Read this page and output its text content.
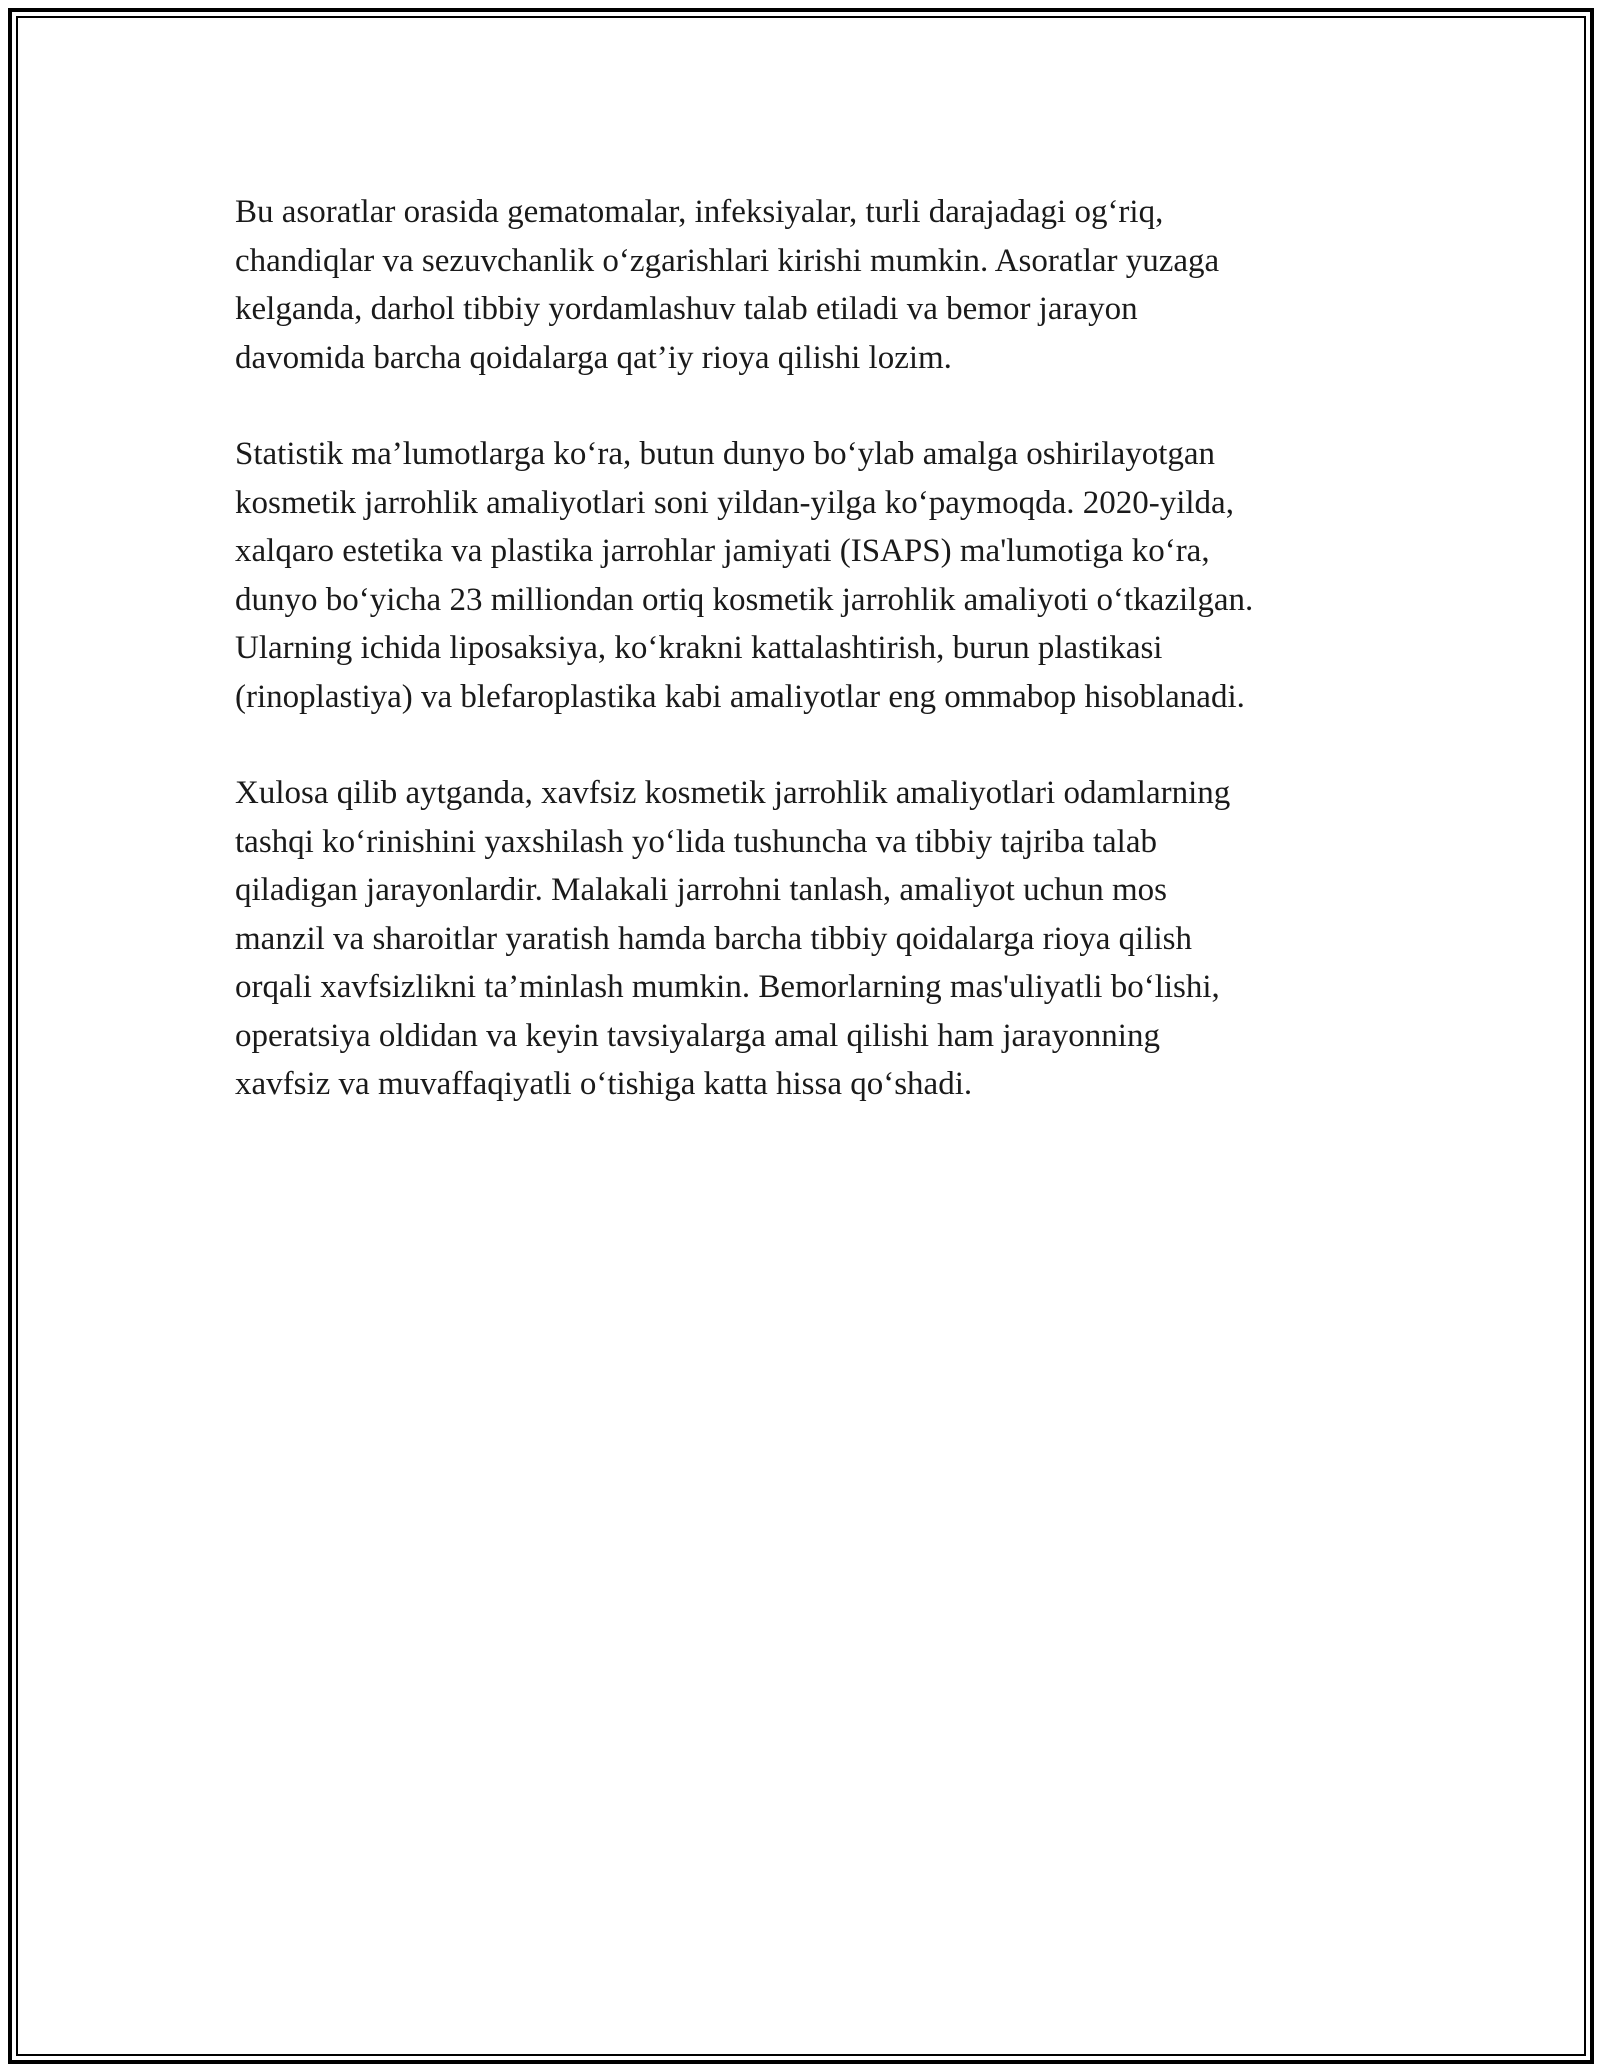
Bu asoratlar orasida gematomalar, infeksiyalar, turli darajadagi og‘riq,
chandiqlar va sezuvchanlik o‘zgarishlari kirishi mumkin. Asoratlar yuzaga
kelganda, darhol tibbiy yordamlashuv talab etiladi va bemor jarayon
davomida barcha qoidalarga qat’iy rioya qilishi lozim.

Statistik ma’lumotlarga ko‘ra, butun dunyo bo‘ylab amalga oshirilayotgan
kosmetik jarrohlik amaliyotlari soni yildan-yilga ko‘paymoqda. 2020-yilda,
xalqaro estetika va plastika jarrohlar jamiyati (ISAPS) ma'lumotiga ko‘ra,
dunyo bo‘yicha 23 milliondan ortiq kosmetik jarrohlik amaliyoti o‘tkazilgan.
Ularning ichida liposaksiya, ko‘krakni kattalashtirish, burun plastikasi
(rinoplastiya) va blefaroplastika kabi amaliyotlar eng ommabop hisoblanadi.

Xulosa qilib aytganda, xavfsiz kosmetik jarrohlik amaliyotlari odamlarning
tashqi ko‘rinishini yaxshilash yo‘lida tushuncha va tibbiy tajriba talab
qiladigan jarayonlardir. Malakali jarrohni tanlash, amaliyot uchun mos
manzil va sharoitlar yaratish hamda barcha tibbiy qoidalarga rioya qilish
orqali xavfsizlikni ta’minlash mumkin. Bemorlarning mas'uliyatli bo‘lishi,
operatsiya oldidan va keyin tavsiyalarga amal qilishi ham jarayonning
xavfsiz va muvaffaqiyatli o‘tishiga katta hissa qo‘shadi.
